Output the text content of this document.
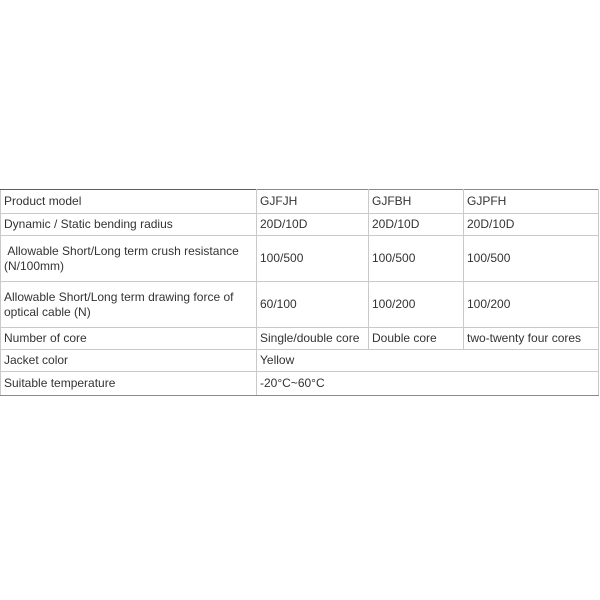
Product model	GJFJH	GJFBH	GJPFH
Dynamic / Static bending radius	20D/10D	20D/10D	20D/10D
Allowable Short/Long term crush resistance (N/100mm)	100/500	100/500	100/500
Allowable Short/Long term drawing force of optical cable (N)	60/100	100/200	100/200
Number of core	Single/double core	Double core	two-twenty four cores
Jacket color	Yellow		
Suitable temperature	-20°C~60°C		
